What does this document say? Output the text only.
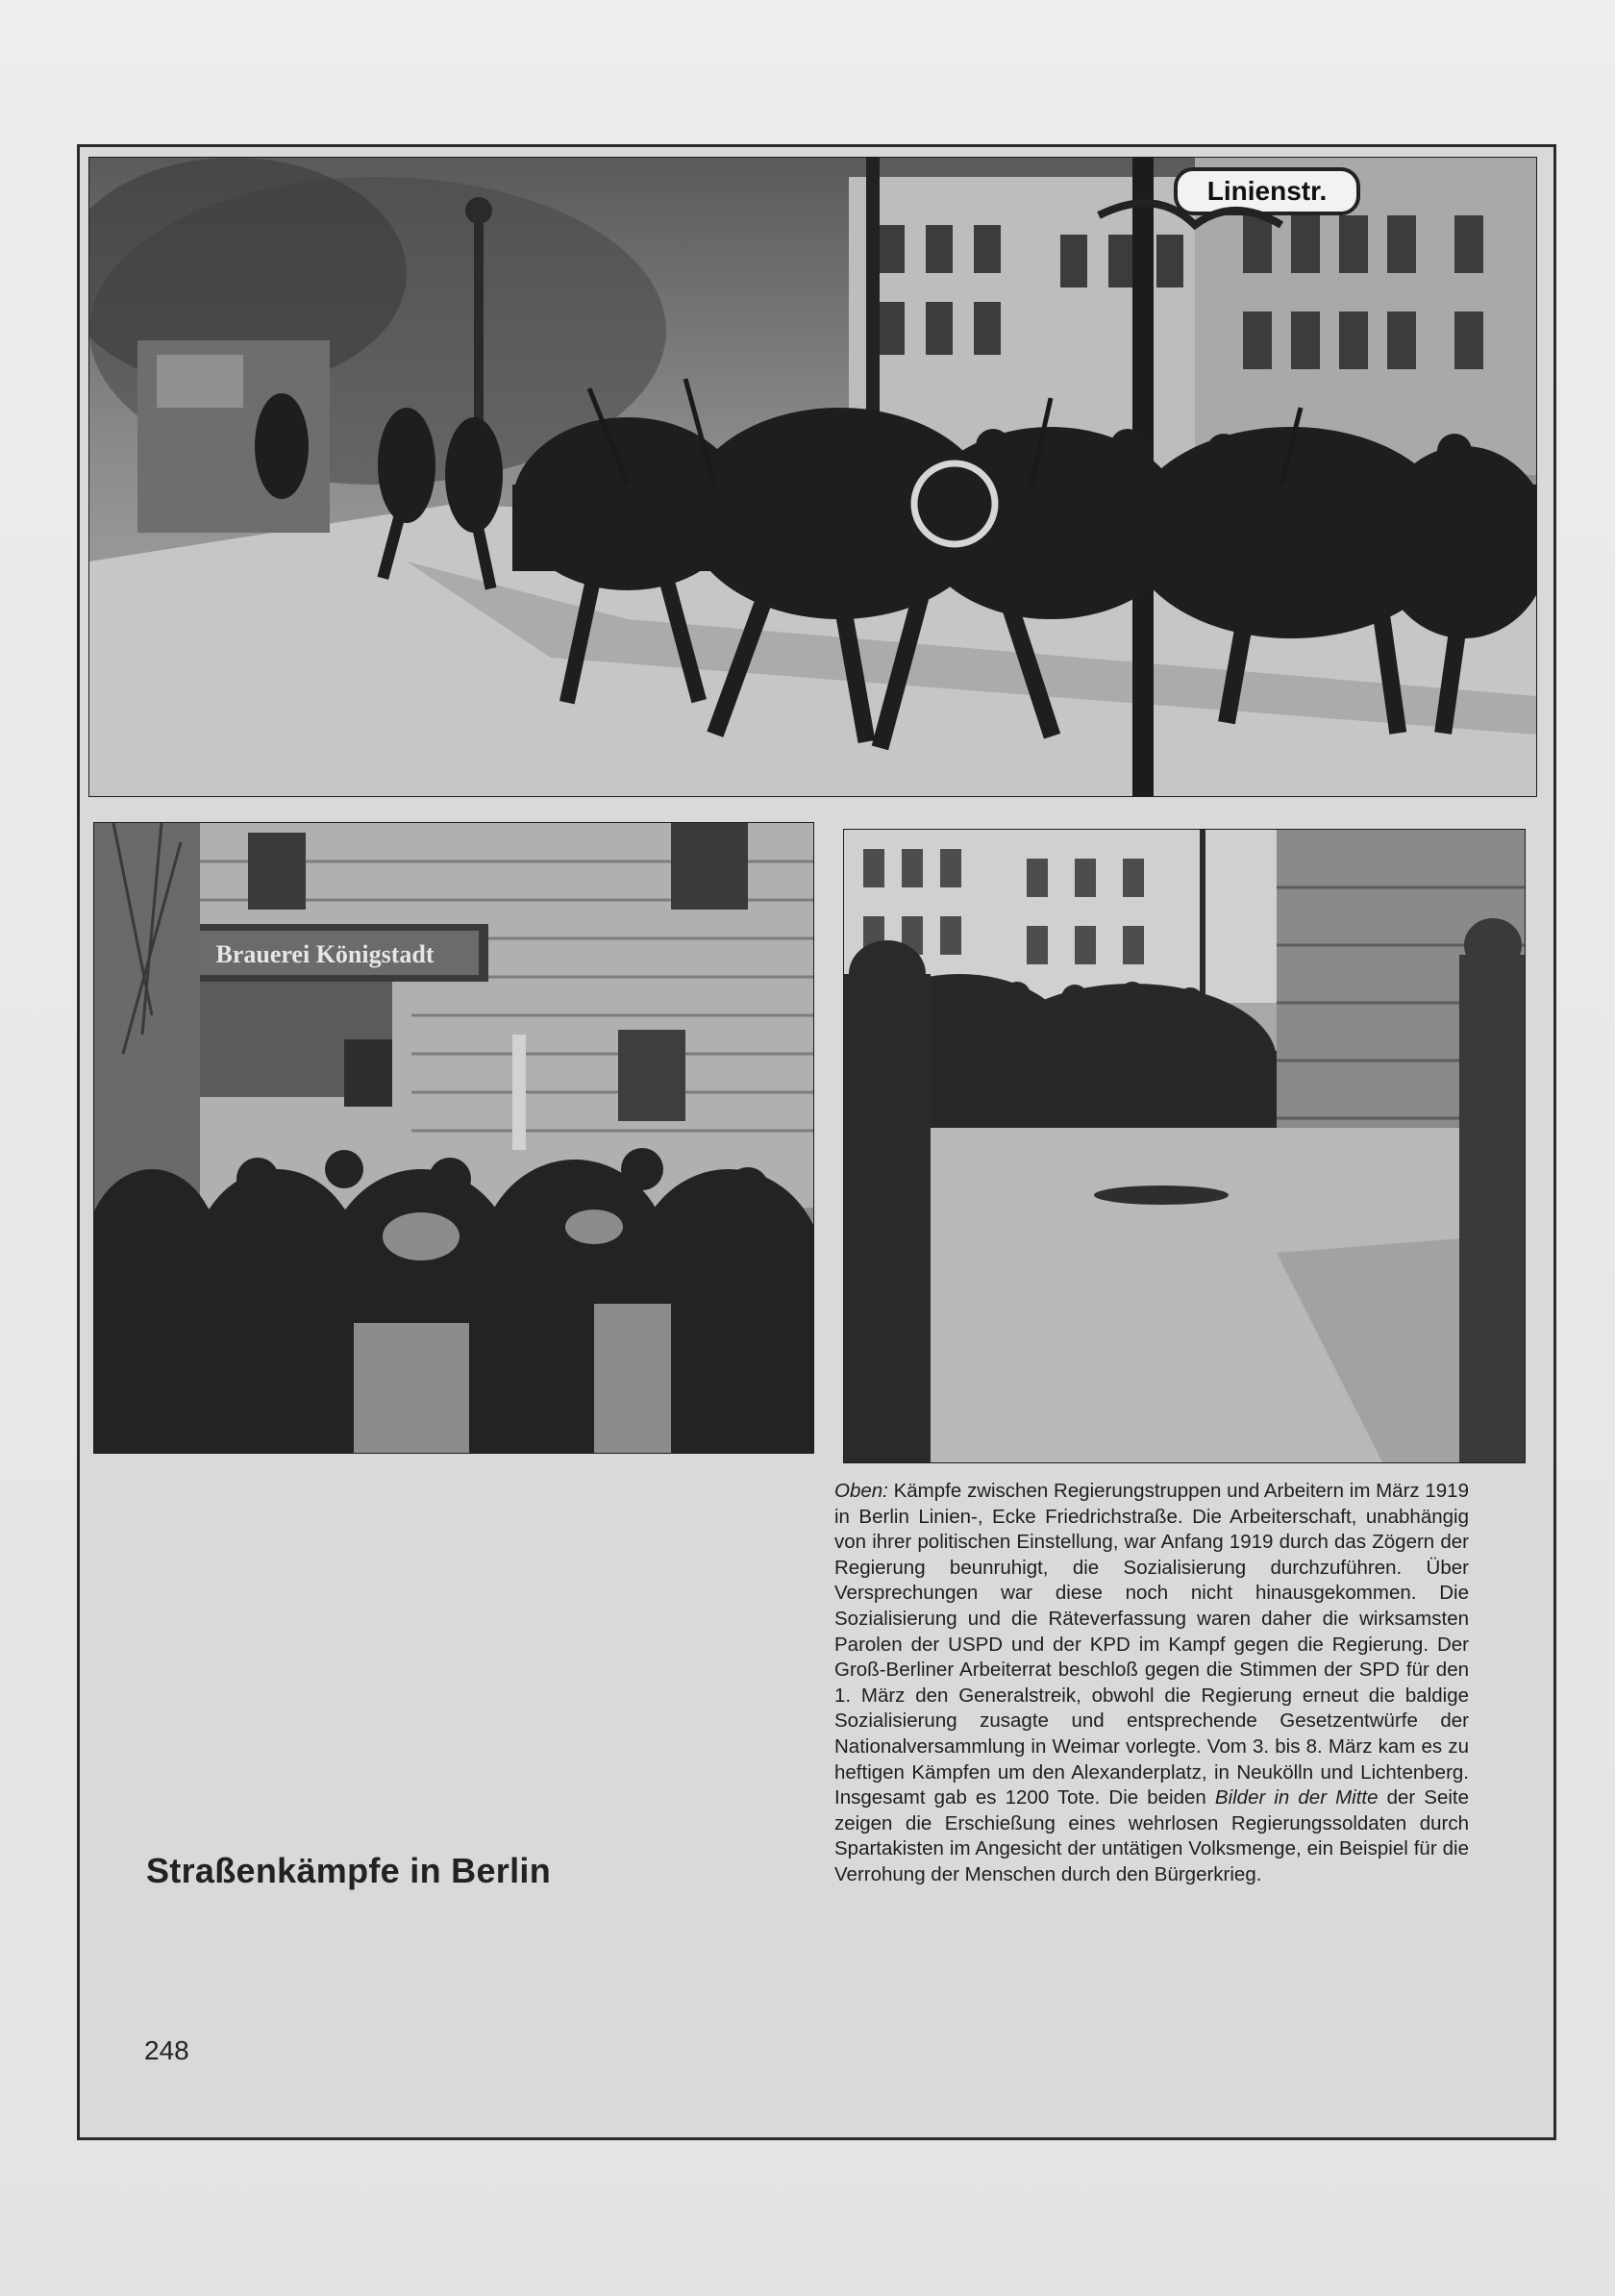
Linienstr.
Brauerei Königstadt
Oben: Kämpfe zwischen Regierungstruppen und Arbeitern im März 1919 in Berlin Linien-, Ecke Friedrichstraße. Die Arbeiterschaft, unabhängig von ihrer politischen Einstellung, war Anfang 1919 durch das Zögern der Regierung beunruhigt, die Sozialisierung durchzuführen. Über Versprechungen war diese noch nicht hinausgekommen. Die Sozialisierung und die Räteverfassung waren daher die wirksamsten Parolen der USPD und der KPD im Kampf gegen die Regierung. Der Groß-Berliner Arbeiterrat beschloß gegen die Stimmen der SPD für den 1. März den Generalstreik, obwohl die Regierung erneut die baldige Sozialisierung zusagte und entsprechende Gesetzentwürfe der Nationalversammlung in Weimar vorlegte. Vom 3. bis 8. März kam es zu heftigen Kämpfen um den Alexanderplatz, in Neukölln und Lichtenberg. Insgesamt gab es 1200 Tote. Die beiden Bilder in der Mitte der Seite zeigen die Erschießung eines wehrlosen Regierungssoldaten durch Spartakisten im Angesicht der untätigen Volksmenge, ein Beispiel für die Verrohung der Menschen durch den Bürgerkrieg.
Straßenkämpfe in Berlin
248
